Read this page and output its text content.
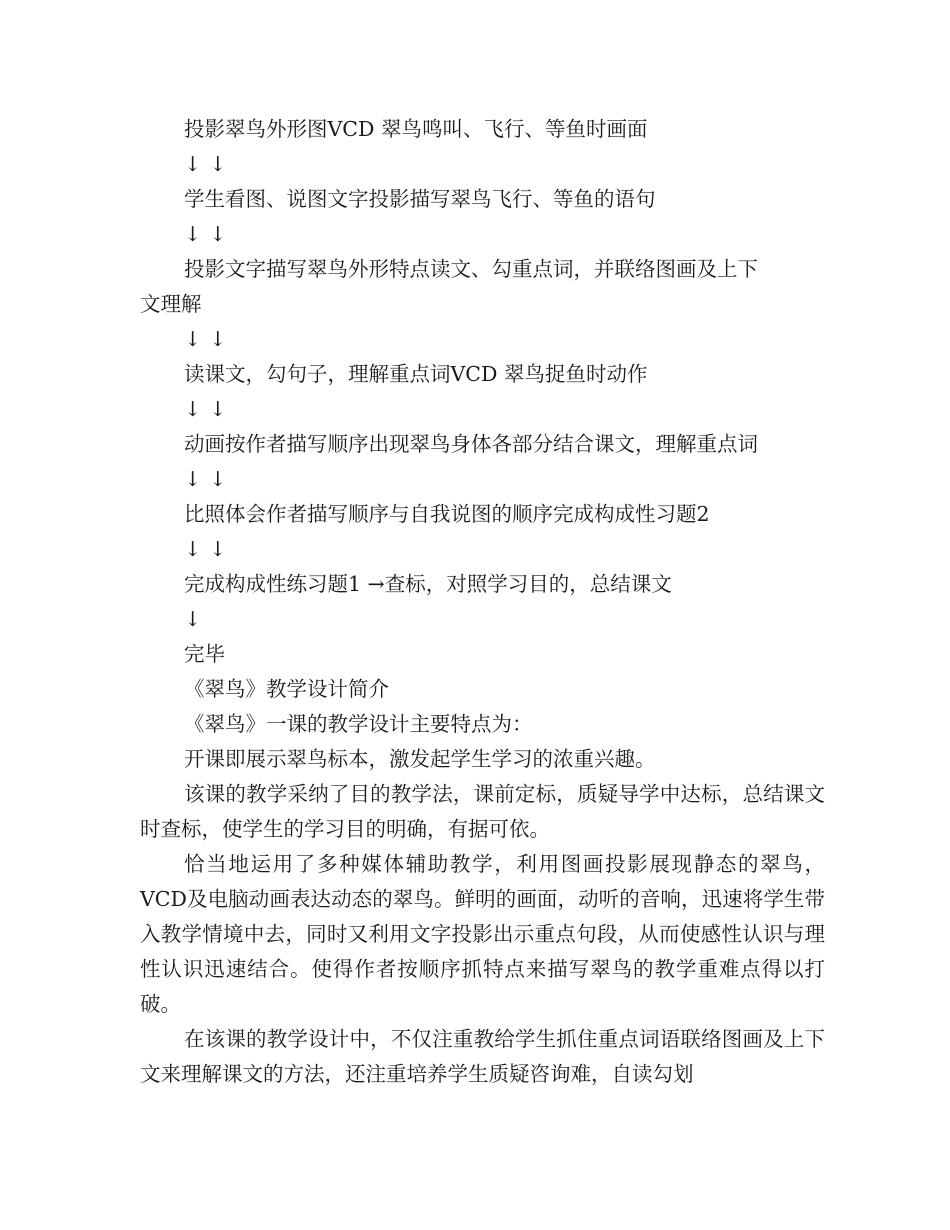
投影翠鸟外形图VCD 翠鸟鸣叫、飞行、等鱼时画面
↓↓
学生看图、说图文字投影描写翠鸟飞行、等鱼的语句
↓↓
投影文字描写翠鸟外形特点读文、勾重点词，并联络图画及上下
文理解
↓↓
读课文，勾句子，理解重点词VCD 翠鸟捉鱼时动作
↓↓
动画按作者描写顺序出现翠鸟身体各部分结合课文，理解重点词
↓↓
比照体会作者描写顺序与自我说图的顺序完成构成性习题2
↓↓
完成构成性练习题1 →查标，对照学习目的，总结课文
↓
完毕
《翠鸟》教学设计简介
《翠鸟》一课的教学设计主要特点为：
开课即展示翠鸟标本，激发起学生学习的浓重兴趣。
该课的教学采纳了目的教学法，课前定标，质疑导学中达标，总结课文时查标，使学生的学习目的明确，有据可依。
恰当地运用了多种媒体辅助教学，利用图画投影展现静态的翠鸟，VCD及电脑动画表达动态的翠鸟。鲜明的画面，动听的音响，迅速将学生带入教学情境中去，同时又利用文字投影出示重点句段，从而使感性认识与理性认识迅速结合。使得作者按顺序抓特点来描写翠鸟的教学重难点得以打破。
在该课的教学设计中，不仅注重教给学生抓住重点词语联络图画及上下文来理解课文的方法，还注重培养学生质疑咨询难，自读勾划
